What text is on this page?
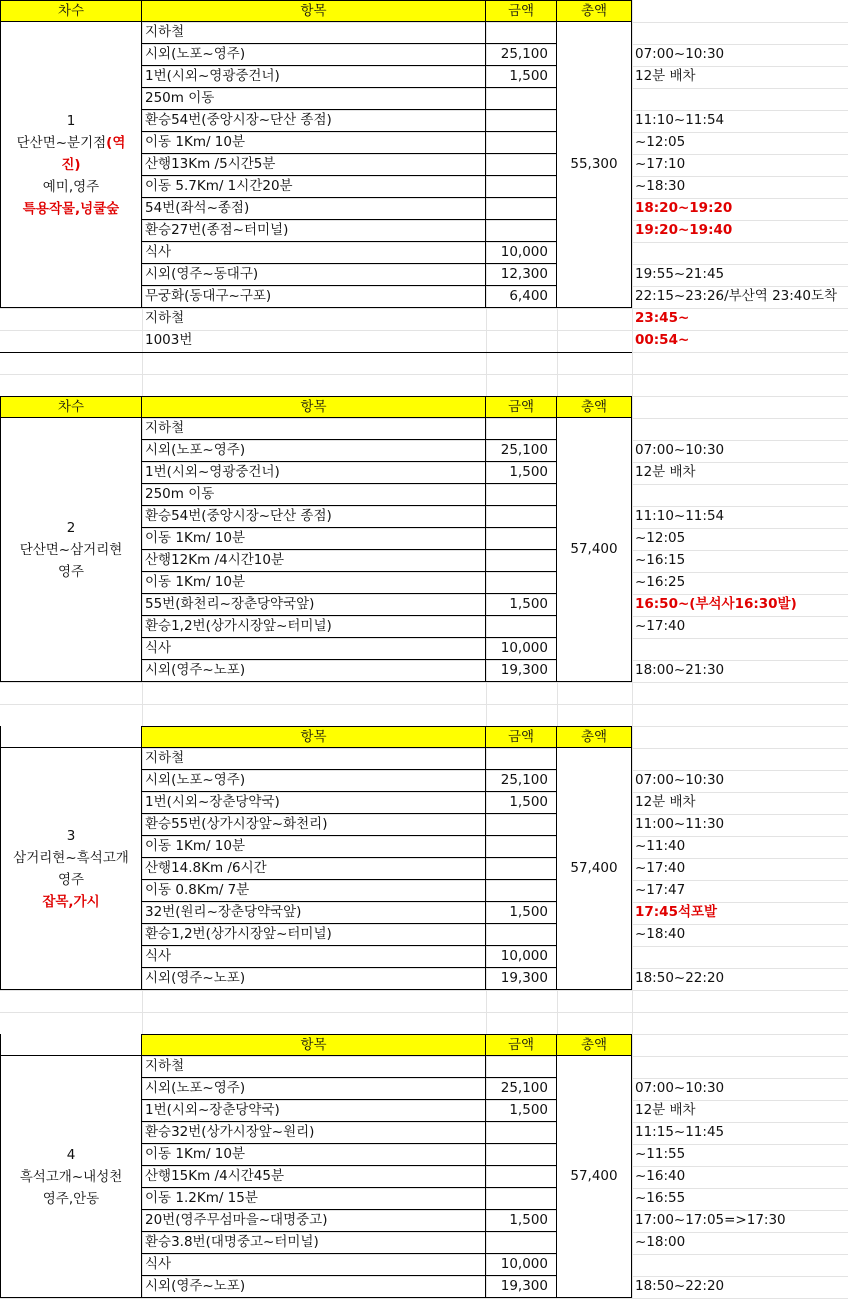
차수	항목	금액	총액
1
단산면~분기점(역진)
예미,영주
특용작물,넝쿨숲
55,300
지하철
시외(노포~영주)	25,100	07:00~10:30
1번(시외~영광중건너)	1,500	12분 배차
250m 이동
환승54번(중앙시장~단산 종점)	11:10~11:54
이동 1Km/ 10분	~12:05
산행13Km /5시간5분	~17:10
이동 5.7Km/ 1시간20분	~18:30
54번(좌석~종점)	18:20~19:20
환승27번(종점~터미널)	19:20~19:40
식사	10,000
시외(영주~동대구)	12,300	19:55~21:45
무궁화(동대구~구포)	6,400	22:15~23:26/부산역 23:40도착
지하철	23:45~
1003번	00:54~
차수	항목	금액	총액
2
단산면~삼거리현
영주
57,400
지하철
시외(노포~영주)	25,100	07:00~10:30
1번(시외~영광중건너)	1,500	12분 배차
250m 이동
환승54번(중앙시장~단산 종점)	11:10~11:54
이동 1Km/ 10분	~12:05
산행12Km /4시간10분	~16:15
이동 1Km/ 10분	~16:25
55번(화천리~장춘당약국앞)	1,500	16:50~(부석사16:30발)
환승1,2번(상가시장앞~터미널)	~17:40
식사	10,000
시외(영주~노포)	19,300	18:00~21:30
항목	금액	총액
3
삼거리현~흑석고개
영주
잡목,가시
57,400
지하철
시외(노포~영주)	25,100	07:00~10:30
1번(시외~장춘당약국)	1,500	12분 배차
환승55번(상가시장앞~화천리)	11:00~11:30
이동 1Km/ 10분	~11:40
산행14.8Km /6시간	~17:40
이동 0.8Km/ 7분	~17:47
32번(원리~장춘당약국앞)	1,500	17:45석포발
환승1,2번(상가시장앞~터미널)	~18:40
식사	10,000
시외(영주~노포)	19,300	18:50~22:20
항목	금액	총액
4
흑석고개~내성천
영주,안동
57,400
지하철
시외(노포~영주)	25,100	07:00~10:30
1번(시외~장춘당약국)	1,500	12분 배차
환승32번(상가시장앞~원리)	11:15~11:45
이동 1Km/ 10분	~11:55
산행15Km /4시간45분	~16:40
이동 1.2Km/ 15분	~16:55
20번(영주무섬마을~대명중고)	1,500	17:00~17:05=>17:30
환승3.8번(대명중고~터미널)	~18:00
식사	10,000
시외(영주~노포)	19,300	18:50~22:20
